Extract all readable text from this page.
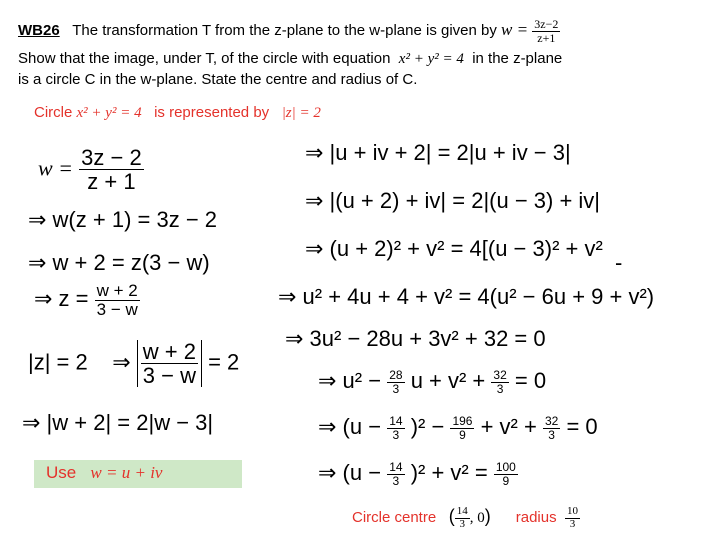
WB26 The transformation T from the z-plane to the w-plane is given by $w = \frac{3z-2}{z+1}$
Show that the image, under T, of the circle with equation x² + y² = 4 in the z-plane
is a circle C in the w-plane. State the centre and radius of C.
Circle x² + y² = 4 is represented by |z| = 2
$w = \frac{3z - 2}{z + 1}$
⇒ w(z + 1) = 3z − 2
⇒ w + 2 = z(3 − w)
⇒ $z = \frac{w + 2}{3 - w}$
|z| = 2 ⇒ $\frac{w + 2}{3 - w} = 2$
⇒ |w + 2| = 2|w − 3|
Use w = u + iv
⇒ |u + iv + 2| = 2|u + iv − 3|
⇒ |(u + 2) + iv| = 2|(u − 3) + iv|
⇒ (u + 2)² + v² = 4[(u − 3)² + v² -
⇒ u² + 4u + 4 + v² = 4(u² − 6u + 9 + v²)
⇒ 3u² − 28u + 3v² + 32 = 0
⇒ $u^2 - \frac{28}{3}$ $u + v^2 + \frac{32}{3} = 0$
⇒ $(u - \frac{14}{3} )^2 - \frac{196}{9} + v^2 + \frac{32}{3} = 0$
⇒ $(u - \frac{14}{3} )^2 + v^2 = \frac{100}{9}$
Circle centre ( $\frac{14}{3}$ , 0) radius $\frac{10}{3}$
